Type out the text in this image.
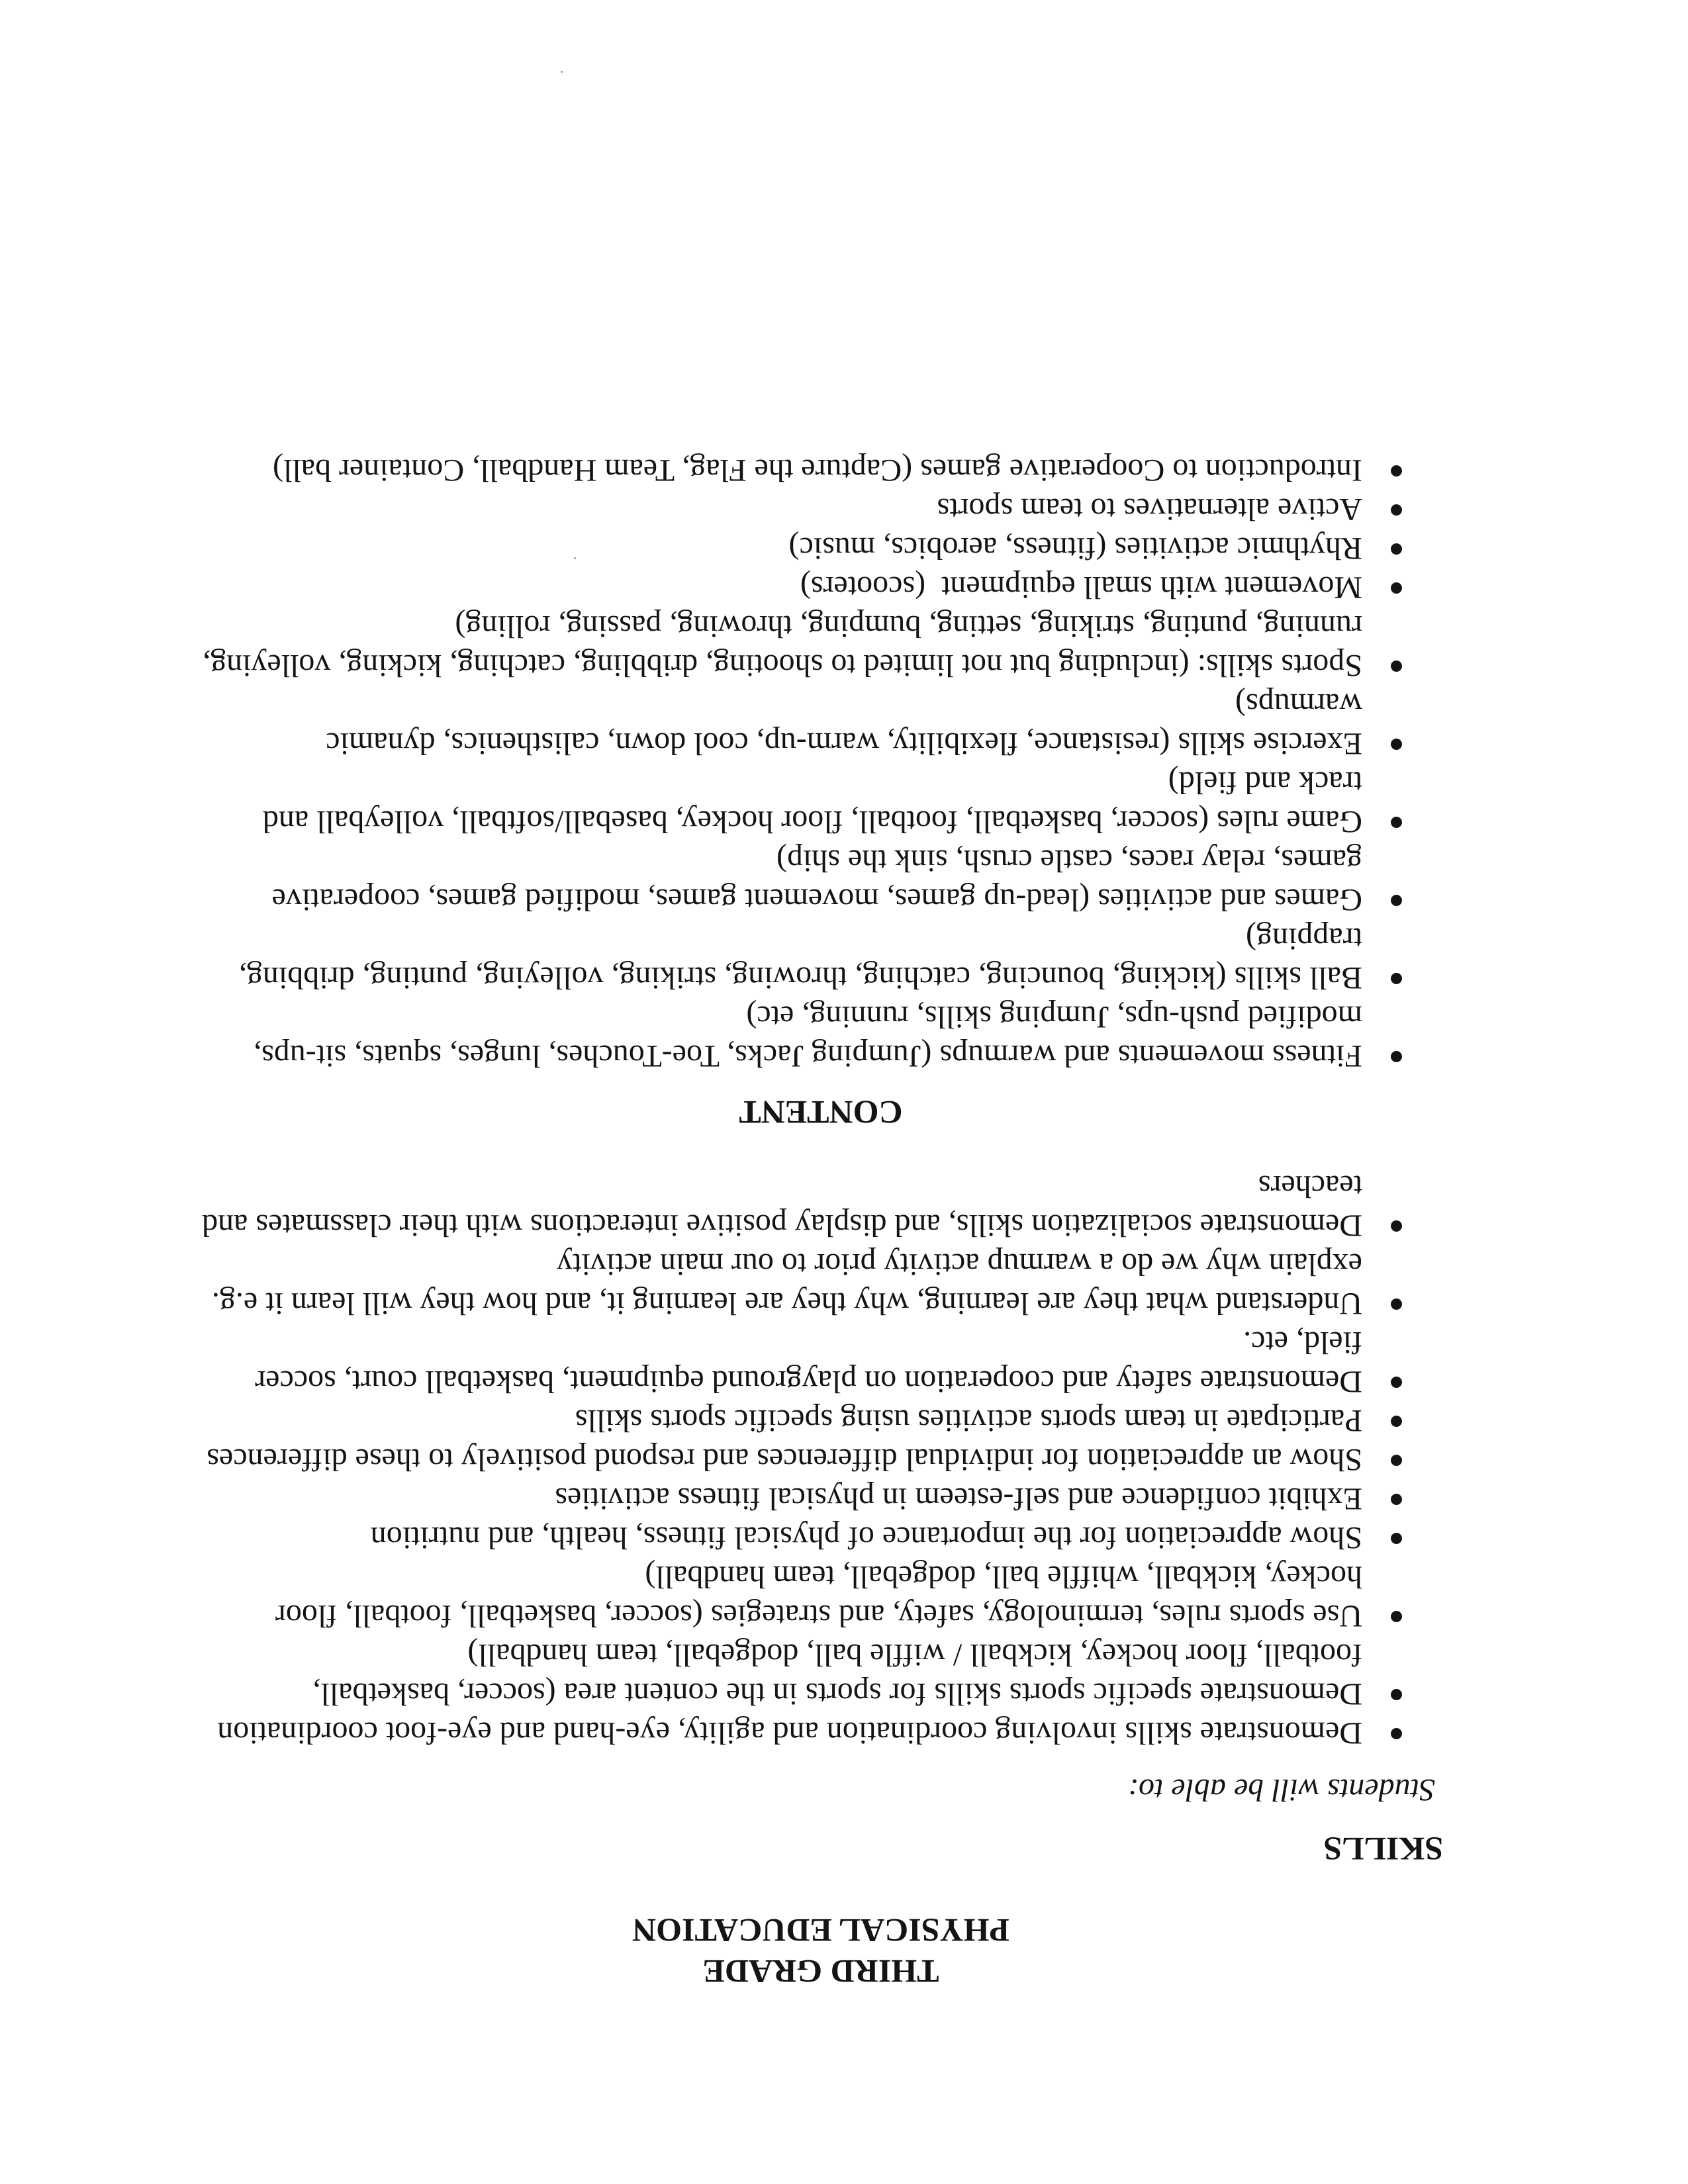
THIRD GRADE
PHYSICAL EDUCATION
SKILLS

Students will be able to:

Demonstrate skills involving coordination and agility, eye-hand and eye-foot coordination
Demonstrate specific sports skills for sports in the content area (soccer, basketball, football, floor hockey, kickball / wiffle ball, dodgeball, team handball)
Use sports rules, terminology, safety, and strategies (soccer, basketball, football, floor hockey, kickball, whiffle ball, dodgeball, team handball)
Show appreciation for the importance of physical fitness, health, and nutrition
Exhibit confidence and self-esteem in physical fitness activities
Show an appreciation for individual differences and respond positively to these differences
Participate in team sports activities using specific sports skills
Demonstrate safety and cooperation on playground equipment, basketball court, soccer field, etc.
Understand what they are learning, why they are learning it, and how they will learn it e.g. explain why we do a warmup activity prior to our main activity
Demonstrate socialization skills, and display positive interactions with their classmates and teachers
CONTENT
Fitness movements and warmups (Jumping Jacks, Toe-Touches, lunges, squats, sit-ups, modified push-ups, Jumping skills, running, etc)
Ball skills (kicking, bouncing, catching, throwing, striking, volleying, punting, dribbing, trapping)
Games and activities (lead-up games, movement games, modified games, cooperative games, relay races, castle crush, sink the ship)
Game rules (soccer, basketball, football, floor hockey, baseball/softball, volleyball and track and field)
Exercise skills (resistance, flexibility, warm-up, cool down, calisthenics, dynamic warmups)
Sports skills: (including but not limited to shooting, dribbling, catching, kicking, volleying, running, punting, striking, setting, bumping, throwing, passing, rolling)
Movement with small equipment  (scooters)
Rhythmic activities (fitness, aerobics, music)
Active alternatives to team sports
Introduction to Cooperative games (Capture the Flag, Team Handball, Container ball)
